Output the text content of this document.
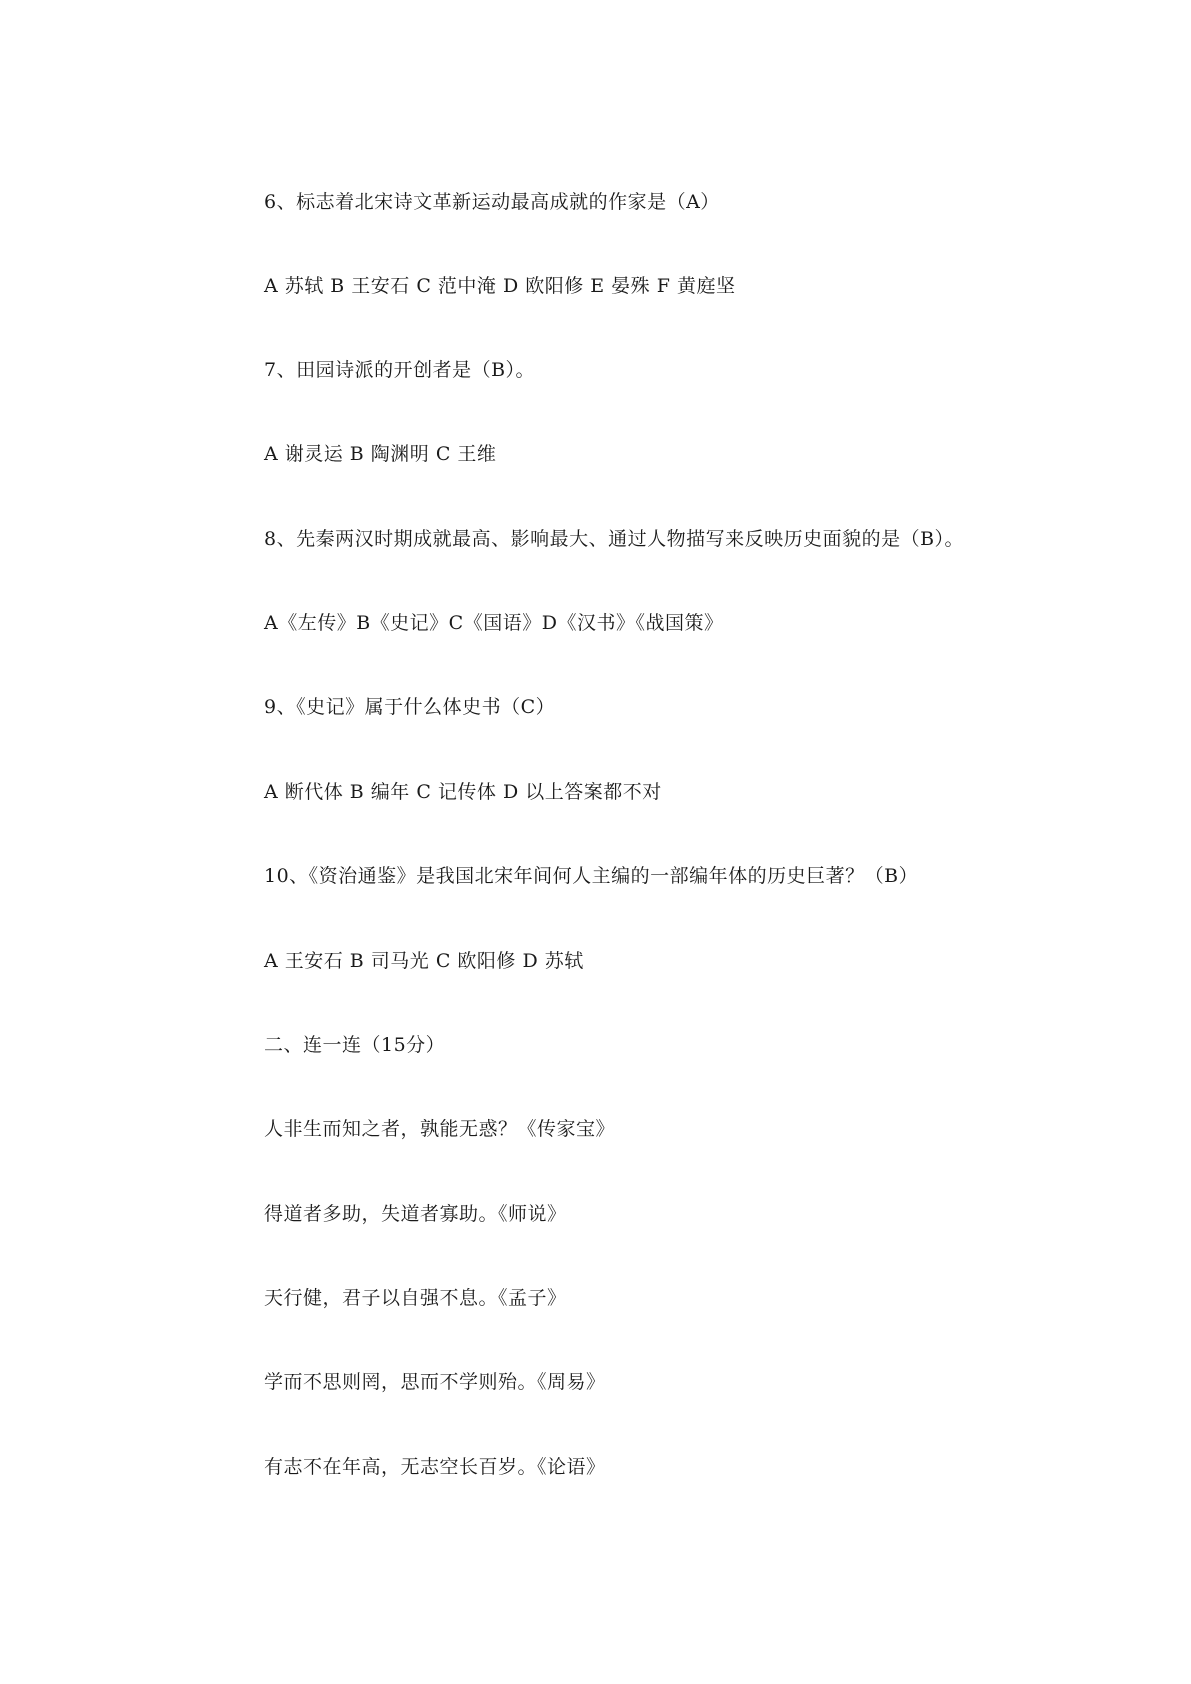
6、标志着北宋诗文革新运动最高成就的作家是（A）
A 苏轼 B 王安石 C 范中淹 D 欧阳修 E 晏殊 F 黄庭坚
7、田园诗派的开创者是（B）。
A 谢灵运 B 陶渊明 C 王维
8、先秦两汉时期成就最高、影响最大、通过人物描写来反映历史面貌的是（B）。
A《左传》B《史记》C《国语》D《汉书》《战国策》
9、《史记》属于什么体史书（C）
A 断代体 B 编年 C 记传体 D 以上答案都不对
10、《资治通鉴》是我国北宋年间何人主编的一部编年体的历史巨著？（B）
A 王安石 B 司马光 C 欧阳修 D 苏轼
二、连一连（15分）
人非生而知之者，孰能无惑？《传家宝》
得道者多助，失道者寡助。《师说》
天行健，君子以自强不息。《孟子》
学而不思则罔，思而不学则殆。《周易》
有志不在年高，无志空长百岁。《论语》
